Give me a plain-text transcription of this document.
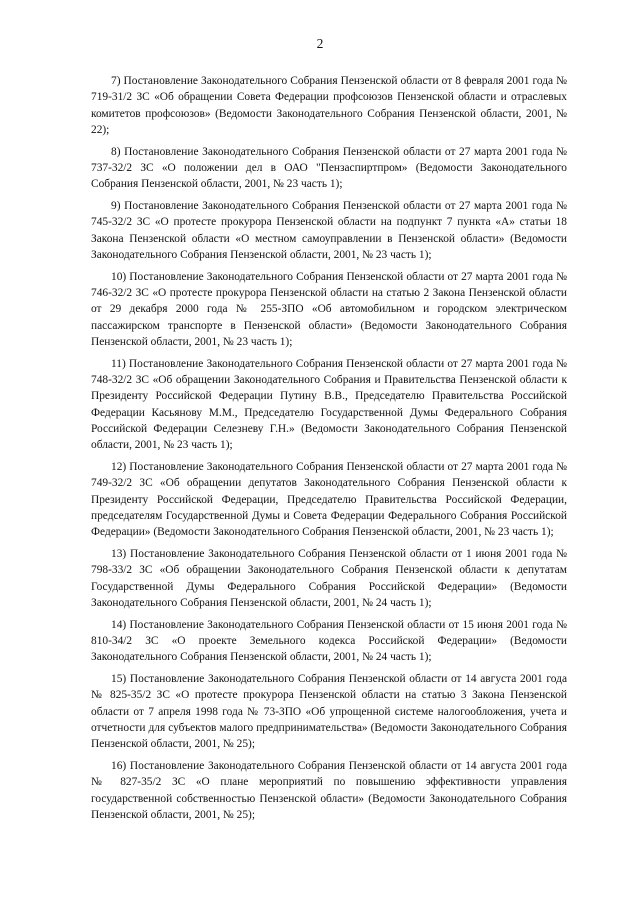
2

7) Постановление Законодательного Собрания Пензенской области от 8 февраля 2001 года № 719-31/2 ЗС «Об обращении Совета Федерации профсоюзов Пензенской области и отраслевых комитетов профсоюзов» (Ведомости Законодательного Собрания Пензенской области, 2001, № 22);

8) Постановление Законодательного Собрания Пензенской области от 27 марта 2001 года № 737-32/2 ЗС «О положении дел в ОАО "Пензаспиртпром» (Ведомости Законодательного Собрания Пензенской области, 2001, № 23 часть 1);

9) Постановление Законодательного Собрания Пензенской области от 27 марта 2001 года № 745-32/2 ЗС «О протесте прокурора Пензенской области на подпункт 7 пункта «А» статьи 18 Закона Пензенской области «О местном самоуправлении в Пензенской области» (Ведомости Законодательного Собрания Пензенской области, 2001, № 23 часть 1);

10) Постановление Законодательного Собрания Пензенской области от 27 марта 2001 года № 746-32/2 ЗС «О протесте прокурора Пензенской области на статью 2 Закона Пензенской области от 29 декабря 2000 года № 255-ЗПО «Об автомобильном и городском электрическом пассажирском транспорте в Пензенской области» (Ведомости Законодательного Собрания Пензенской области, 2001, № 23 часть 1);

11) Постановление Законодательного Собрания Пензенской области от 27 марта 2001 года № 748-32/2 ЗС «Об обращении Законодательного Собрания и Правительства Пензенской области к Президенту Российской Федерации Путину В.В., Председателю Правительства Российской Федерации Касьянову М.М., Председателю Государственной Думы Федерального Собрания Российской Федерации Селезневу Г.Н.» (Ведомости Законодательного Собрания Пензенской области, 2001, № 23 часть 1);

12) Постановление Законодательного Собрания Пензенской области от 27 марта 2001 года № 749-32/2 ЗС «Об обращении депутатов Законодательного Собрания Пензенской области к Президенту Российской Федерации, Председателю Правительства Российской Федерации, председателям Государственной Думы и Совета Федерации Федерального Собрания Российской Федерации» (Ведомости Законодательного Собрания Пензенской области, 2001, № 23 часть 1);

13) Постановление Законодательного Собрания Пензенской области от 1 июня 2001 года № 798-33/2 ЗС «Об обращении Законодательного Собрания Пензенской области к депутатам Государственной Думы Федерального Собрания Российской Федерации» (Ведомости Законодательного Собрания Пензенской области, 2001, № 24 часть 1);

14) Постановление Законодательного Собрания Пензенской области от 15 июня 2001 года № 810-34/2 ЗС «О проекте Земельного кодекса Российской Федерации» (Ведомости Законодательного Собрания Пензенской области, 2001, № 24 часть 1);

15) Постановление Законодательного Собрания Пензенской области от 14 августа 2001 года № 825-35/2 ЗС «О протесте прокурора Пензенской области на статью 3 Закона Пензенской области от 7 апреля 1998 года № 73-ЗПО «Об упрощенной системе налогообложения, учета и отчетности для субъектов малого предпринимательства» (Ведомости Законодательного Собрания Пензенской области, 2001, № 25);

16) Постановление Законодательного Собрания Пензенской области от 14 августа 2001 года № 827-35/2 ЗС «О плане мероприятий по повышению эффективности управления государственной собственностью Пензенской области» (Ведомости Законодательного Собрания Пензенской области, 2001, № 25);
